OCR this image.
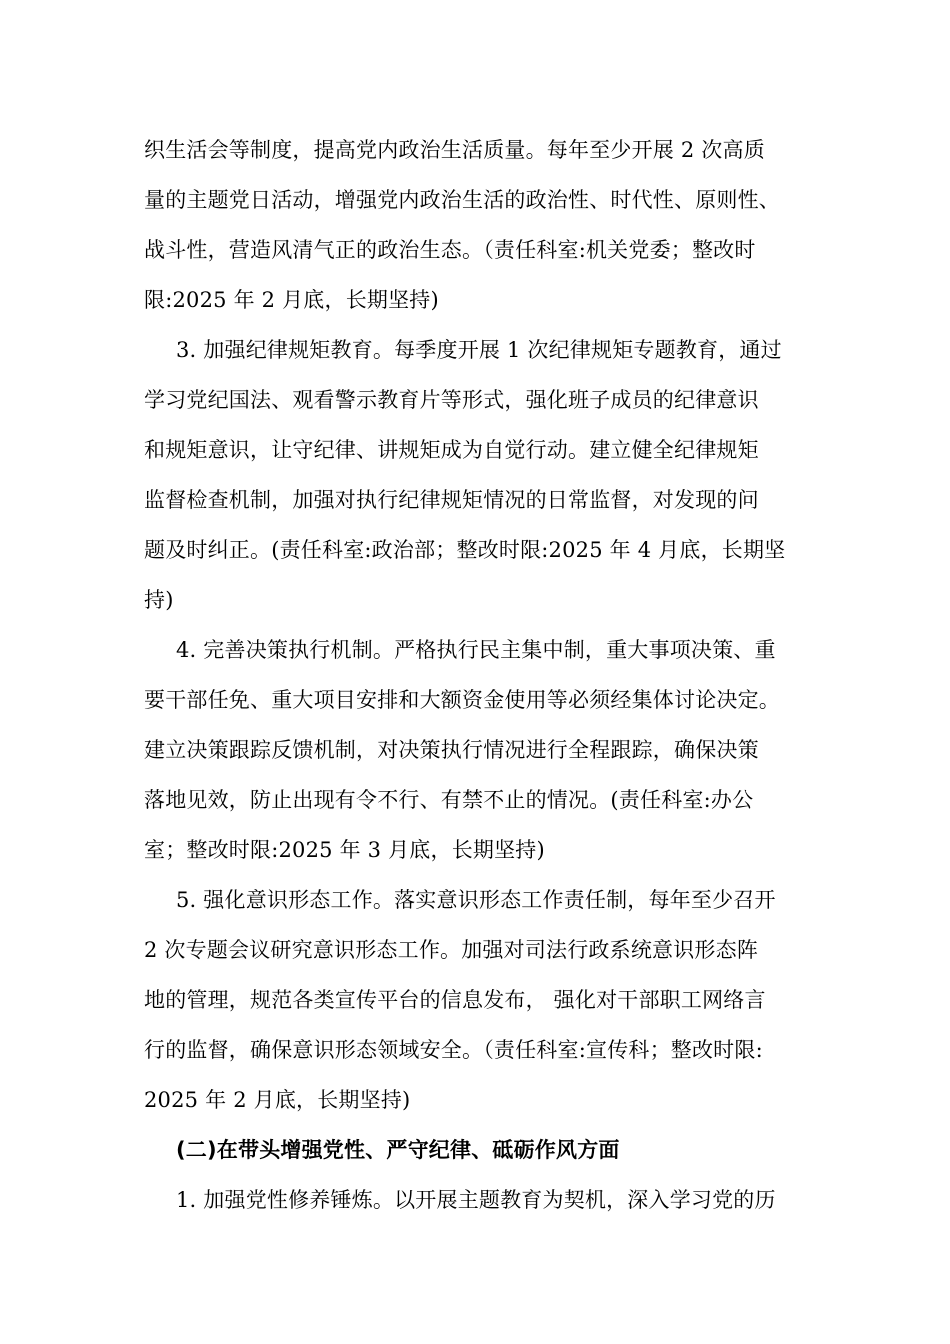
织生活会等制度，提高党内政治生活质量。每年至少开展 2 次高质
量的主题党日活动，增强党内政治生活的政治性、时代性、原则性、
战斗性，营造风清气正的政治生态。（责任科室:机关党委；整改时
限:2025 年 2 月底，长期坚持)
3. 加强纪律规矩教育。每季度开展 1 次纪律规矩专题教育，通过
学习党纪国法、观看警示教育片等形式，强化班子成员的纪律意识
和规矩意识，让守纪律、讲规矩成为自觉行动。建立健全纪律规矩
监督检查机制，加强对执行纪律规矩情况的日常监督，对发现的问
题及时纠正。(责任科室:政治部；整改时限:2025 年 4 月底，长期坚
持)
4. 完善决策执行机制。严格执行民主集中制，重大事项决策、重
要干部任免、重大项目安排和大额资金使用等必须经集体讨论决定。
建立决策跟踪反馈机制，对决策执行情况进行全程跟踪，确保决策
落地见效，防止出现有令不行、有禁不止的情况。(责任科室:办公
室；整改时限:2025 年 3 月底，长期坚持)
5. 强化意识形态工作。落实意识形态工作责任制，每年至少召开
2 次专题会议研究意识形态工作。加强对司法行政系统意识形态阵
地的管理，规范各类宣传平台的信息发布， 强化对干部职工网络言
行的监督，确保意识形态领域安全。（责任科室:宣传科；整改时限:
2025 年 2 月底，长期坚持)
(二)在带头增强党性、严守纪律、砥砺作风方面
1. 加强党性修养锤炼。以开展主题教育为契机，深入学习党的历
